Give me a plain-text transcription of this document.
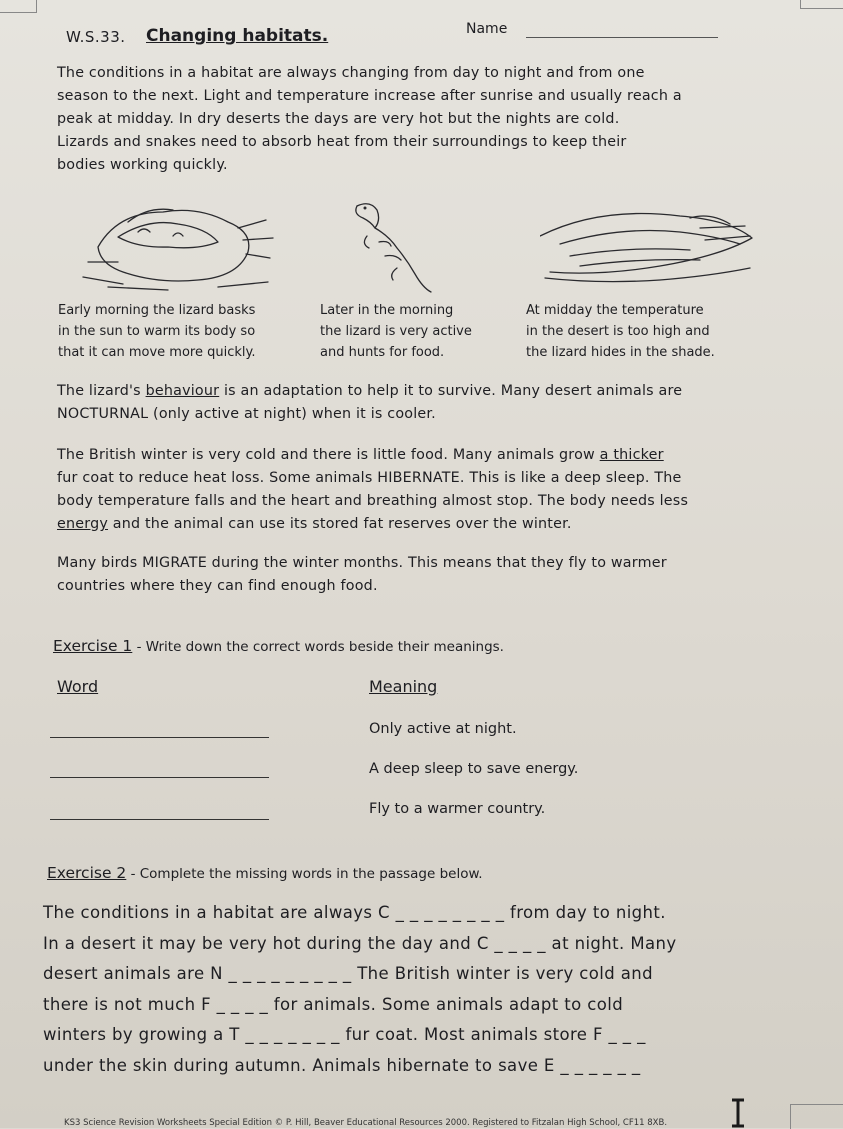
W.S.33. Changing habitats.	Name

The conditions in a habitat are always changing from day to night and from one

season to the next. Light and temperature increase after sunrise and usually reach a

peak at midday. In dry deserts the days are very hot but the nights are cold.

Lizards and snakes need to absorb heat from their surroundings to keep their

bodies working quickly.

Early morning the lizard basks

in the sun to warm its body so

that it can move more quickly.

Later in the morning

the lizard is very active

and hunts for food.

At midday the temperature

in the desert is too high and

the lizard hides in the shade.

The lizard's behaviour is an adaptation to help it to survive. Many desert animals are

NOCTURNAL (only active at night) when it is cooler.

The British winter is very cold and there is little food. Many animals grow a thicker

fur coat to reduce heat loss. Some animals HIBERNATE. This is like a deep sleep. The

body temperature falls and the heart and breathing almost stop. The body needs less

energy and the animal can use its stored fat reserves over the winter.

Many birds MIGRATE during the winter months. This means that they fly to warmer

countries where they can find enough food.

Exercise 1 - Write down the correct words beside their meanings.
Word	Meaning
Only active at night.
A deep sleep to save energy.
Fly to a warmer country.
Exercise 2 - Complete the missing words in the passage below.

The conditions in a habitat are always C _ _ _ _ _ _ _ _ from day to night.

In a desert it may be very hot during the day and C _ _ _ _ at night. Many

desert animals are N _ _ _ _ _ _ _ _ _ The British winter is very cold and

there is not much F _ _ _ _ for animals. Some animals adapt to cold

winters by growing a T _ _ _ _ _ _ _ fur coat. Most animals store F _ _ _

under the skin during autumn. Animals hibernate to save E _ _ _ _ _ _

KS3 Science Revision Worksheets Special Edition © P. Hill, Beaver Educational Resources 2000. Registered to Fitzalan High School, CF11 8XB.
